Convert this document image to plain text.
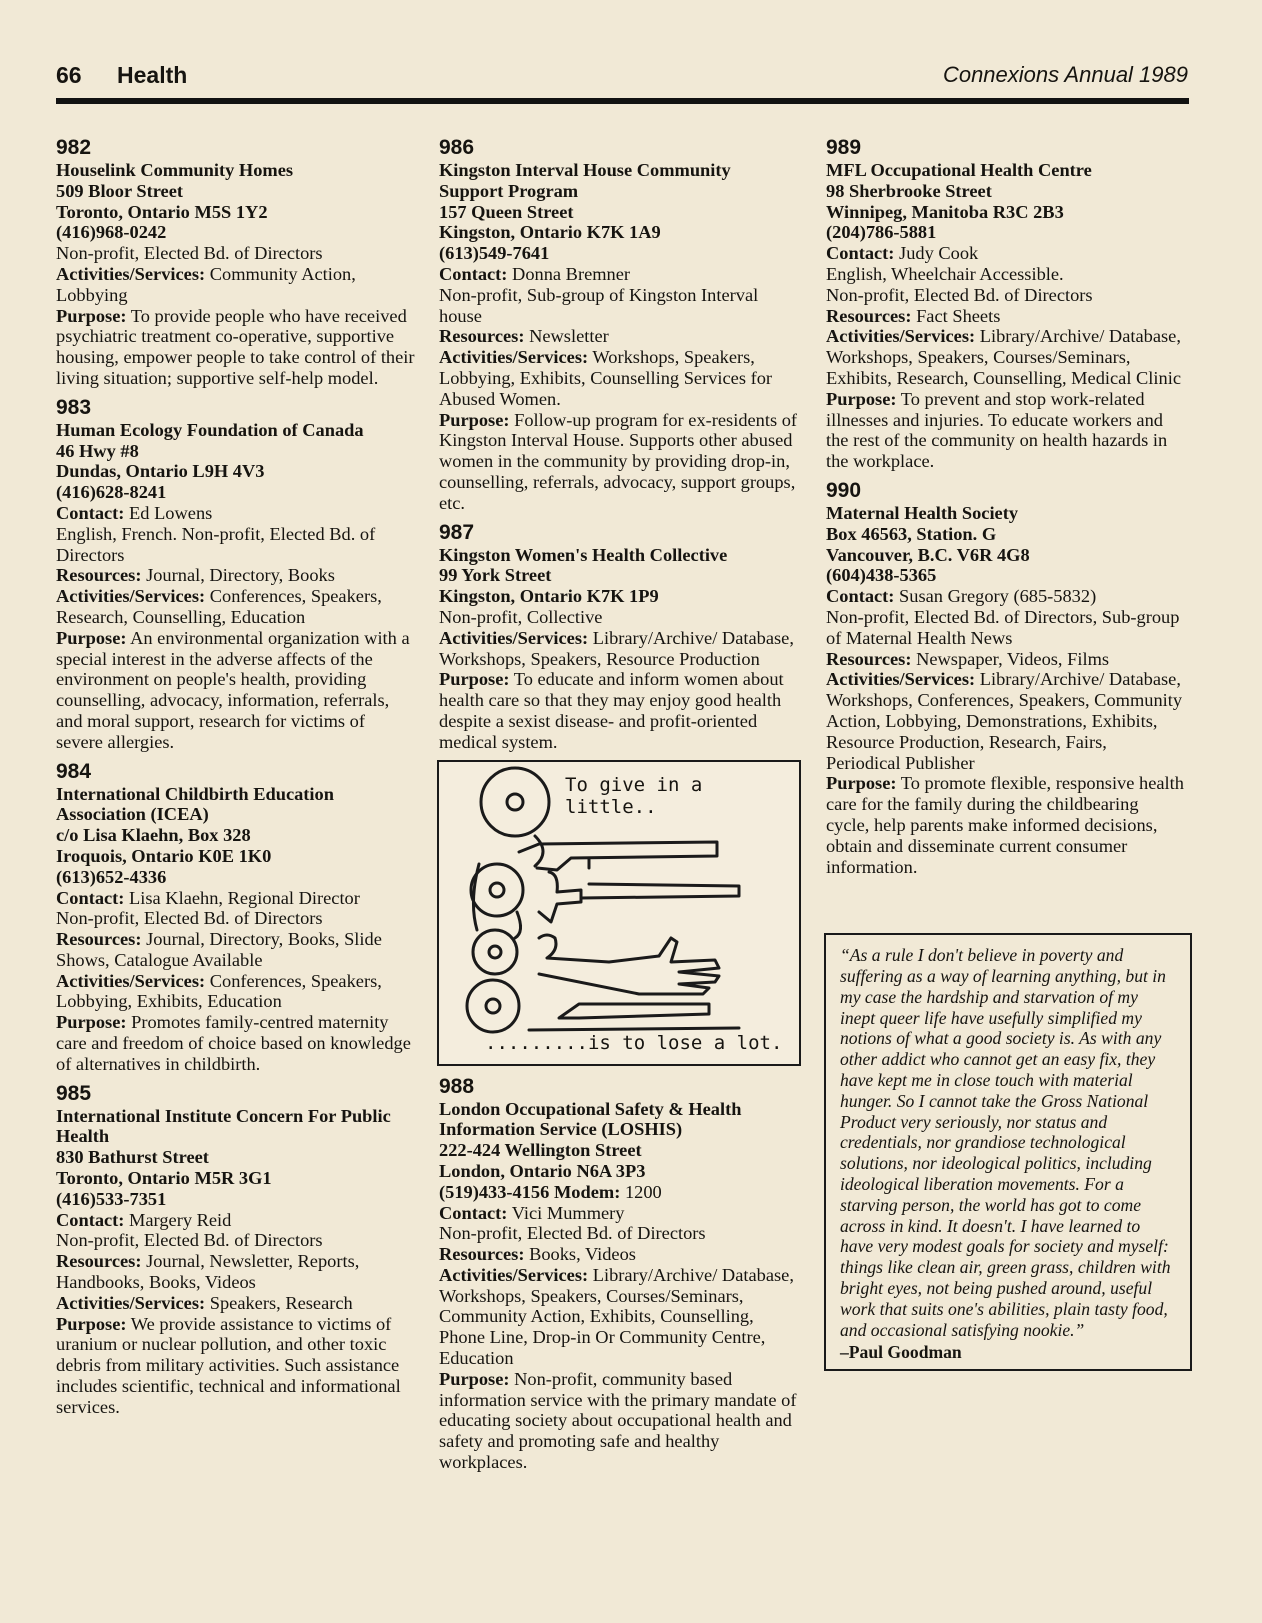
66 Health	Connexions Annual 1989
982
Houselink Community Homes
509 Bloor Street
Toronto, Ontario M5S 1Y2
(416)968-0242
Non-profit, Elected Bd. of Directors
Activities/Services: Community Action, Lobbying
Purpose: To provide people who have received psychiatric treatment co-operative, supportive housing, empower people to take control of their living situation; supportive self-help model.
983
Human Ecology Foundation of Canada
46 Hwy #8
Dundas, Ontario L9H 4V3
(416)628-8241
Contact: Ed Lowens
English, French. Non-profit, Elected Bd. of Directors
Resources: Journal, Directory, Books
Activities/Services: Conferences, Speakers, Research, Counselling, Education
Purpose: An environmental organization with a special interest in the adverse affects of the environment on people's health, providing counselling, advocacy, information, referrals, and moral support, research for victims of severe allergies.
984
International Childbirth Education Association (ICEA)
c/o Lisa Klaehn, Box 328
Iroquois, Ontario K0E 1K0
(613)652-4336
Contact: Lisa Klaehn, Regional Director
Non-profit, Elected Bd. of Directors
Resources: Journal, Directory, Books, Slide Shows, Catalogue Available
Activities/Services: Conferences, Speakers, Lobbying, Exhibits, Education
Purpose: Promotes family-centred maternity care and freedom of choice based on knowledge of alternatives in childbirth.
985
International Institute Concern For Public Health
830 Bathurst Street
Toronto, Ontario M5R 3G1
(416)533-7351
Contact: Margery Reid
Non-profit, Elected Bd. of Directors
Resources: Journal, Newsletter, Reports, Handbooks, Books, Videos
Activities/Services: Speakers, Research
Purpose: We provide assistance to victims of uranium or nuclear pollution, and other toxic debris from military activities. Such assistance includes scientific, technical and informational services.
986
Kingston Interval House Community Support Program
157 Queen Street
Kingston, Ontario K7K 1A9
(613)549-7641
Contact: Donna Bremner
Non-profit, Sub-group of Kingston Interval house
Resources: Newsletter
Activities/Services: Workshops, Speakers, Lobbying, Exhibits, Counselling Services for Abused Women.
Purpose: Follow-up program for ex-residents of Kingston Interval House. Supports other abused women in the community by providing drop-in, counselling, referrals, advocacy, support groups, etc.
987
Kingston Women's Health Collective
99 York Street
Kingston, Ontario K7K 1P9
Non-profit, Collective
Activities/Services: Library/Archive/ Database, Workshops, Speakers, Resource Production
Purpose: To educate and inform women about health care so that they may enjoy good health despite a sexist disease- and profit-oriented medical system.
To give in a little..
.........is to lose a lot.
988
London Occupational Safety & Health Information Service (LOSHIS)
222-424 Wellington Street
London, Ontario N6A 3P3
(519)433-4156 Modem: 1200
Contact: Vici Mummery
Non-profit, Elected Bd. of Directors
Resources: Books, Videos
Activities/Services: Library/Archive/ Database, Workshops, Speakers, Courses/Seminars, Community Action, Exhibits, Counselling, Phone Line, Drop-in Or Community Centre, Education
Purpose: Non-profit, community based information service with the primary mandate of educating society about occupational health and safety and promoting safe and healthy workplaces.
989
MFL Occupational Health Centre
98 Sherbrooke Street
Winnipeg, Manitoba R3C 2B3
(204)786-5881
Contact: Judy Cook
English, Wheelchair Accessible.
Non-profit, Elected Bd. of Directors
Resources: Fact Sheets
Activities/Services: Library/Archive/ Database, Workshops, Speakers, Courses/Seminars, Exhibits, Research, Counselling, Medical Clinic
Purpose: To prevent and stop work-related illnesses and injuries. To educate workers and the rest of the community on health hazards in the workplace.
990
Maternal Health Society
Box 46563, Station. G
Vancouver, B.C. V6R 4G8
(604)438-5365
Contact: Susan Gregory (685-5832)
Non-profit, Elected Bd. of Directors, Sub-group of Maternal Health News
Resources: Newspaper, Videos, Films
Activities/Services: Library/Archive/ Database, Workshops, Conferences, Speakers, Community Action, Lobbying, Demonstrations, Exhibits, Resource Production, Research, Fairs, Periodical Publisher
Purpose: To promote flexible, responsive health care for the family during the childbearing cycle, help parents make informed decisions, obtain and disseminate current consumer information.
“As a rule I don't believe in poverty and suffering as a way of learning anything, but in my case the hardship and starvation of my inept queer life have usefully simplified my notions of what a good society is. As with any other addict who cannot get an easy fix, they have kept me in close touch with material hunger. So I cannot take the Gross National Product very seriously, nor status and credentials, nor grandiose technological solutions, nor ideological politics, including ideological liberation movements. For a starving person, the world has got to come across in kind. It doesn't. I have learned to have very modest goals for society and myself: things like clean air, green grass, children with bright eyes, not being pushed around, useful work that suits one's abilities, plain tasty food, and occasional satisfying nookie.”
–Paul Goodman
